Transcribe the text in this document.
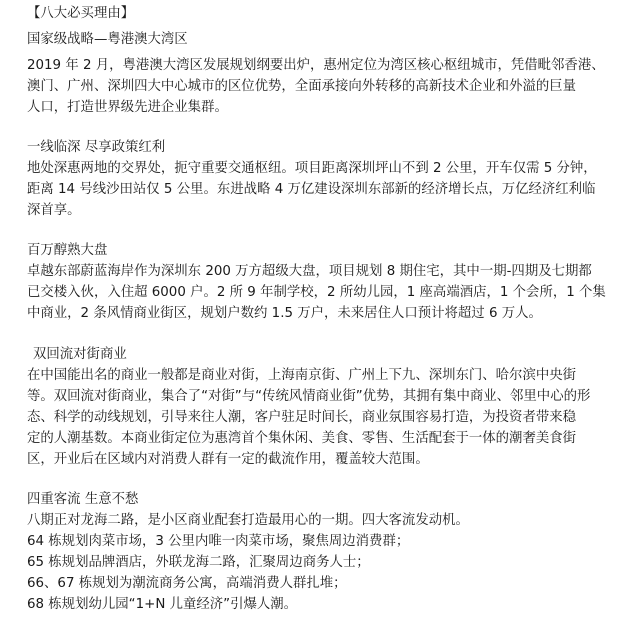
【八大必买理由】
国家级战略—粤港澳大湾区
2019 年 2 月，粤港澳大湾区发展规划纲要出炉，惠州定位为湾区核心枢纽城市，凭借毗邻香港、
澳门、广州、深圳四大中心城市的区位优势，全面承接向外转移的高新技术企业和外溢的巨量
人口，打造世界级先进企业集群。
一线临深 尽享政策红利
地处深惠两地的交界处，扼守重要交通枢纽。项目距离深圳坪山不到 2 公里，开车仅需 5 分钟，
距离 14 号线沙田站仅 5 公里。东进战略 4 万亿建设深圳东部新的经济增长点，万亿经济红利临
深首享。
百万醇熟大盘
卓越东部蔚蓝海岸作为深圳东 200 万方超级大盘，项目规划 8 期住宅，其中一期-四期及七期都
已交楼入伙，入住超 6000 户。2 所 9 年制学校，2 所幼儿园，1 座高端酒店，1 个会所，1 个集
中商业，2 条风情商业街区，规划户数约 1.5 万户，未来居住人口预计将超过 6 万人。
双回流对街商业
在中国能出名的商业一般都是商业对街，上海南京街、广州上下九、深圳东门、哈尔滨中央街
等。双回流对街商业，集合了“对街”与“传统风情商业街”优势，其拥有集中商业、邻里中心的形
态、科学的动线规划，引导来往人潮，客户驻足时间长，商业氛围容易打造，为投资者带来稳
定的人潮基数。本商业街定位为惠湾首个集休闲、美食、零售、生活配套于一体的潮奢美食街
区，开业后在区域内对消费人群有一定的截流作用，覆盖较大范围。
四重客流 生意不愁
八期正对龙海二路，是小区商业配套打造最用心的一期。四大客流发动机。
64 栋规划肉菜市场，3 公里内唯一肉菜市场，聚焦周边消费群；
65 栋规划品牌酒店，外联龙海二路，汇聚周边商务人士；
66、67 栋规划为潮流商务公寓，高端消费人群扎堆；
68 栋规划幼儿园“1+N 儿童经济”引爆人潮。
